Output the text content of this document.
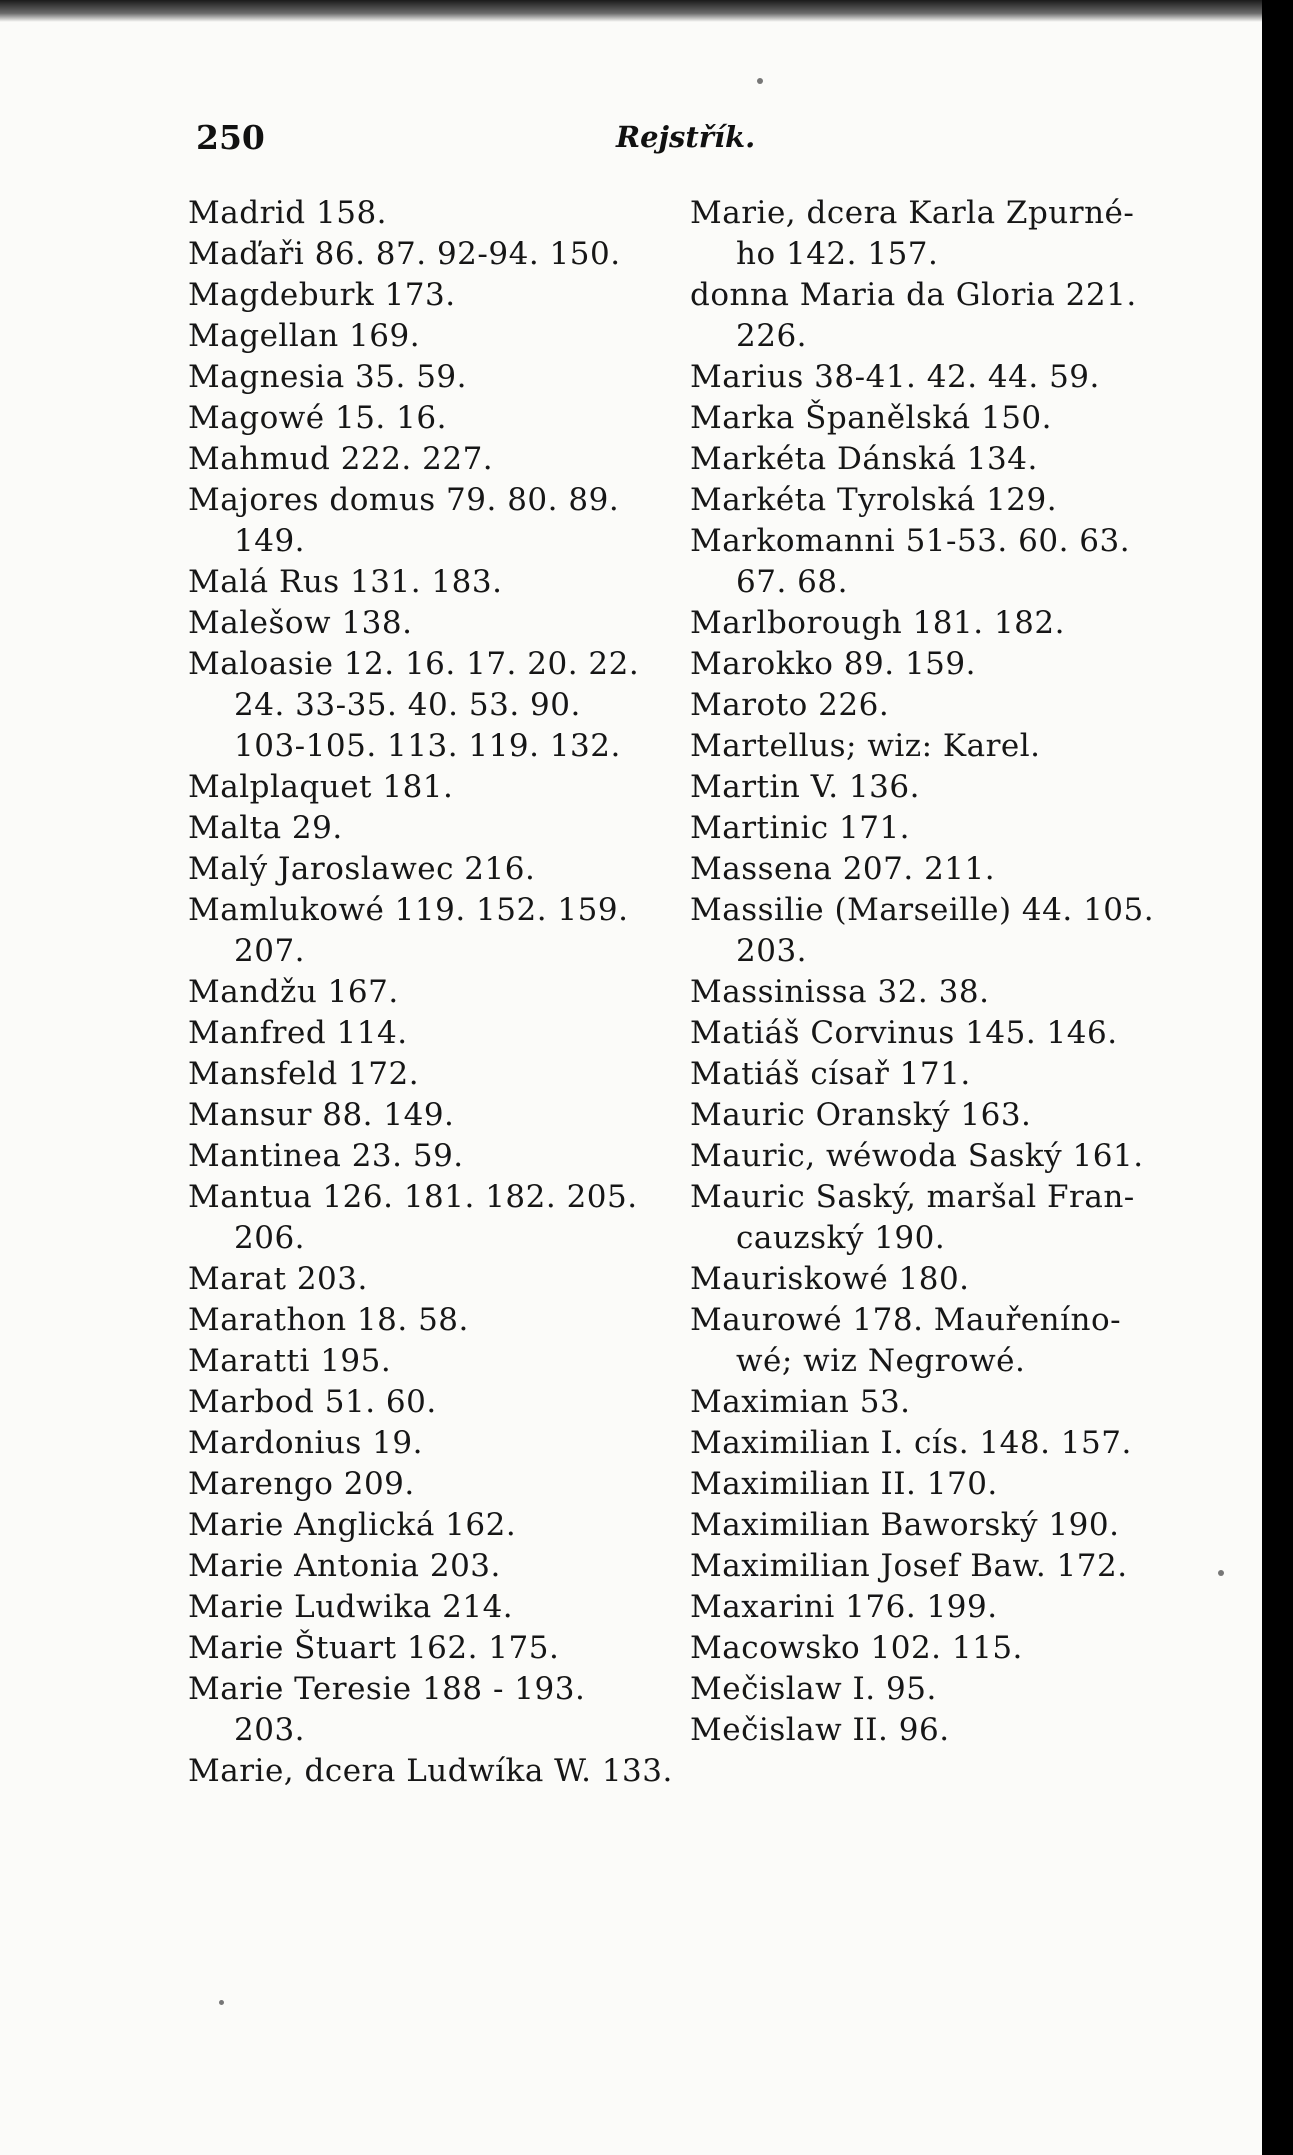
250	Rejstřík.
Madrid 158.
Maďaři 86. 87. 92-94. 150.
Magdeburk 173.
Magellan 169.
Magnesia 35. 59.
Magowé 15. 16.
Mahmud 222. 227.
Majores domus 79. 80. 89.
149.
Malá Rus 131. 183.
Malešow 138.
Maloasie 12. 16. 17. 20. 22.
24. 33-35. 40. 53. 90.
103-105. 113. 119. 132.
Malplaquet 181.
Malta 29.
Malý Jaroslawec 216.
Mamlukowé 119. 152. 159.
207.
Mandžu 167.
Manfred 114.
Mansfeld 172.
Mansur 88. 149.
Mantinea 23. 59.
Mantua 126. 181. 182. 205.
206.
Marat 203.
Marathon 18. 58.
Maratti 195.
Marbod 51. 60.
Mardonius 19.
Marengo 209.
Marie Anglická 162.
Marie Antonia 203.
Marie Ludwika 214.
Marie Štuart 162. 175.
Marie Teresie 188 - 193.
203.
Marie, dcera Ludwíka W. 133.
Marie, dcera Karla Zpurné-
ho 142. 157.
donna Maria da Gloria 221.
226.
Marius 38-41. 42. 44. 59.
Marka Španělská 150.
Markéta Dánská 134.
Markéta Tyrolská 129.
Markomanni 51-53. 60. 63.
67. 68.
Marlborough 181. 182.
Marokko 89. 159.
Maroto 226.
Martellus; wiz: Karel.
Martin V. 136.
Martinic 171.
Massena 207. 211.
Massilie (Marseille) 44. 105.
203.
Massinissa 32. 38.
Matiáš Corvinus 145. 146.
Matiáš císař 171.
Mauric Oranský 163.
Mauric, wéwoda Saský 161.
Mauric Saský, maršal Fran-
cauzský 190.
Mauriskowé 180.
Maurowé 178. Mauřenínо-
wé; wiz Negrowé.
Maximian 53.
Maximilian I. cís. 148. 157.
Maximilian II. 170.
Maximilian Baworský 190.
Maximilian Josef Baw. 172.
Maxarini 176. 199.
Macowsko 102. 115.
Mečislaw I. 95.
Mečislaw II. 96.
